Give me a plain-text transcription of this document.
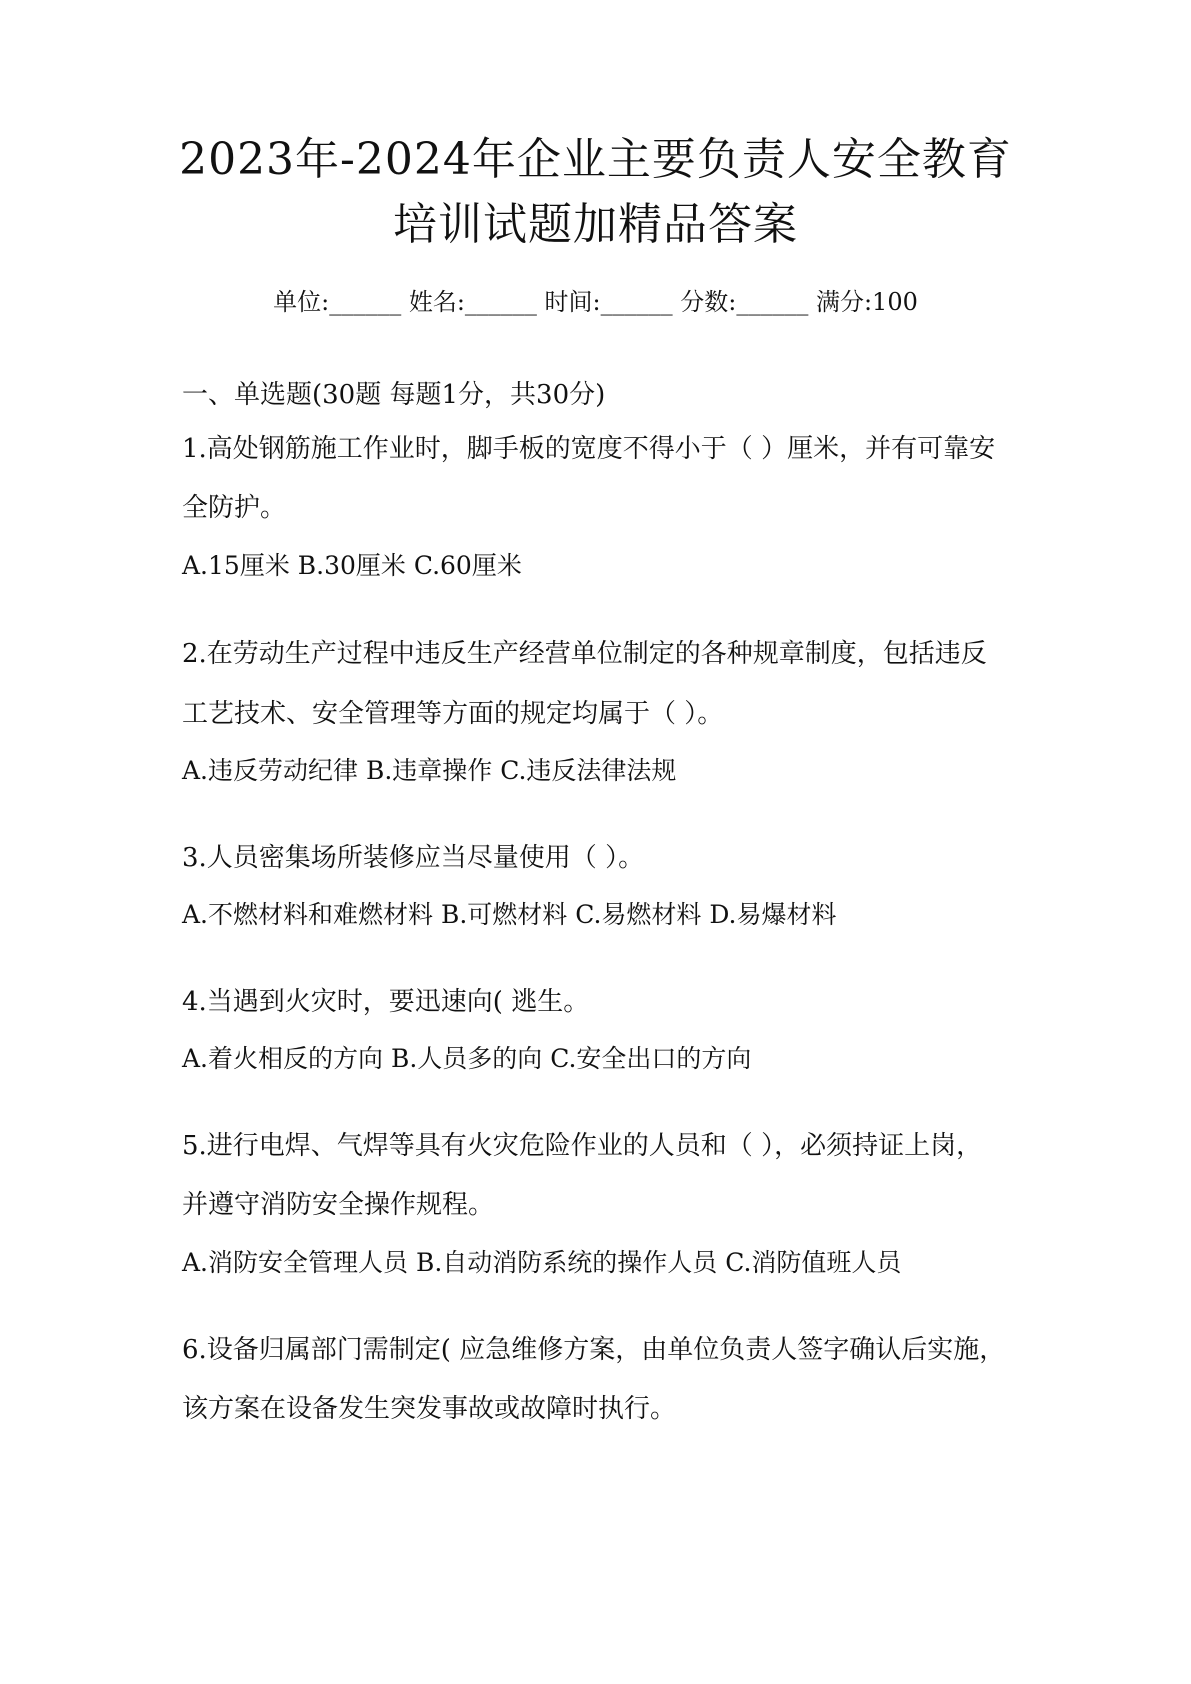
2023年-2024年企业主要负责人安全教育
培训试题加精品答案
单位:______ 姓名:______ 时间:______ 分数:______ 满分:100
一、单选题(30题 每题1分，共30分)
1.高处钢筋施工作业时，脚手板的宽度不得小于（ ）厘米，并有可靠安
全防护。
A.15厘米 B.30厘米 C.60厘米
2.在劳动生产过程中违反生产经营单位制定的各种规章制度，包括违反
工艺技术、安全管理等方面的规定均属于（ ）。
A.违反劳动纪律 B.违章操作 C.违反法律法规
3.人员密集场所装修应当尽量使用（ ）。
A.不燃材料和难燃材料 B.可燃材料 C.易燃材料 D.易爆材料
4.当遇到火灾时，要迅速向( 逃生。
A.着火相反的方向 B.人员多的向 C.安全出口的方向
5.进行电焊、气焊等具有火灾危险作业的人员和（ ），必须持证上岗，
并遵守消防安全操作规程。
A.消防安全管理人员 B.自动消防系统的操作人员 C.消防值班人员
6.设备归属部门需制定( 应急维修方案，由单位负责人签字确认后实施，
该方案在设备发生突发事故或故障时执行。
